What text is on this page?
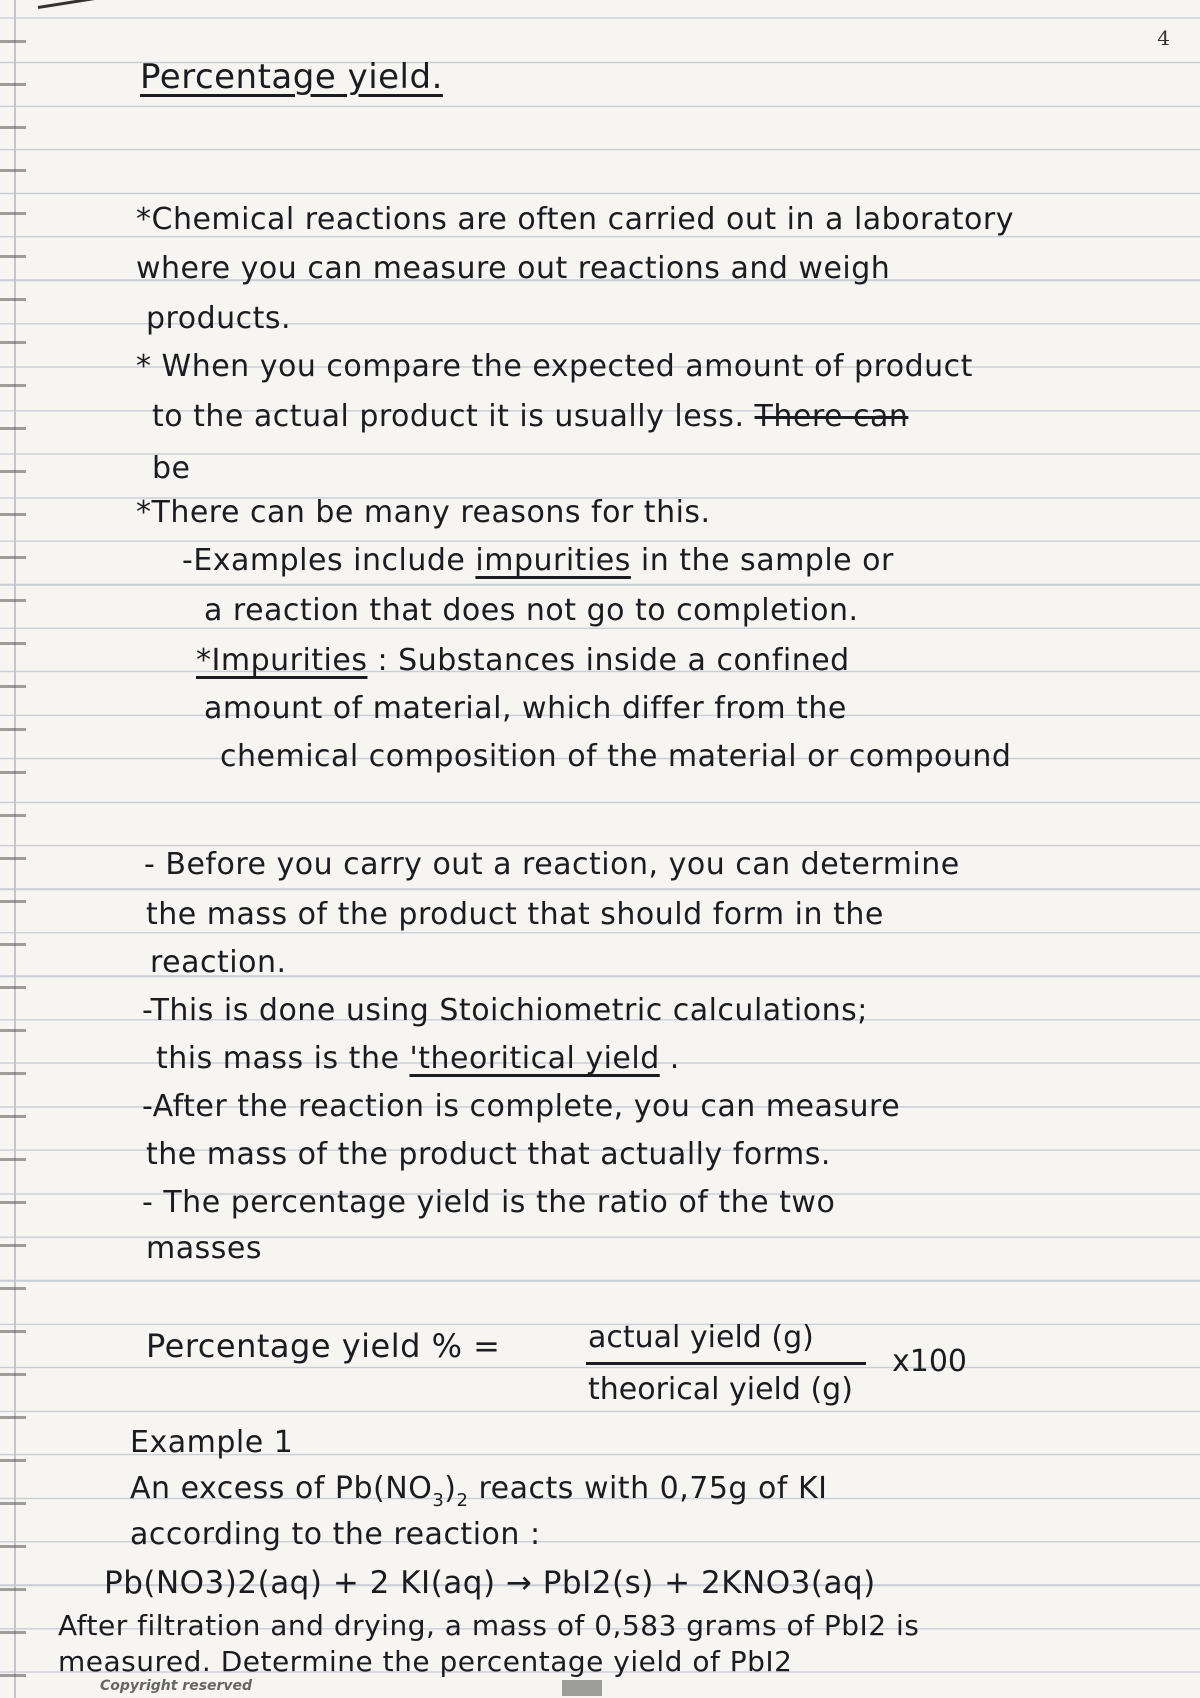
4
Percentage yield.
*Chemical reactions are often carried out in a laboratory
where you can measure out reactions and weigh
products.
* When you compare the expected amount of product
to the actual product it is usually less. There can
be
*There can be many reasons for this.
-Examples include impurities in the sample or
a reaction that does not go to completion.
*Impurities : Substances inside a confined
amount of material, which differ from the
chemical composition of the material or compound
- Before you carry out a reaction, you can determine
the mass of the product that should form in the
reaction.
-This is done using Stoichiometric calculations;
this mass is the 'theoritical yield .
-After the reaction is complete, you can measure
the mass of the product that actually forms.
- The percentage yield is the ratio of the two
masses
Percentage yield % =	actual yield (g)
theorical yield (g)
x100
Example 1
An excess of $Pb(NO_3)_2$ reacts with 0,75g of KI
according to the reaction :
Pb(NO3)2(aq) + 2 KI(aq) → PbI2(s) + 2KNO3(aq)
After filtration and drying, a mass of 0,583 grams of PbI2 is
measured. Determine the percentage yield of PbI2
Copyright reserved
